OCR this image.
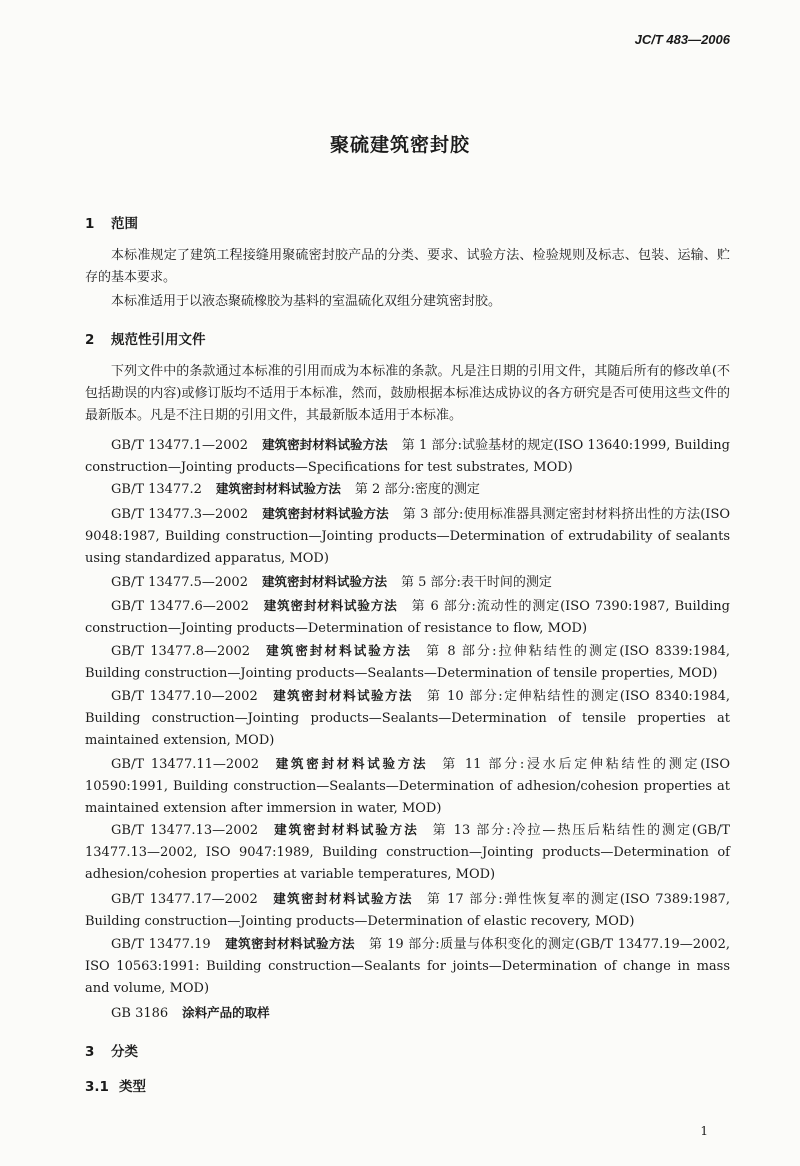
JC/T 483—2006
聚硫建筑密封胶
1 范围
本标准规定了建筑工程接缝用聚硫密封胶产品的分类、要求、试验方法、检验规则及标志、包装、运输、贮存的基本要求。
本标准适用于以液态聚硫橡胶为基料的室温硫化双组分建筑密封胶。
2 规范性引用文件
下列文件中的条款通过本标准的引用而成为本标准的条款。凡是注日期的引用文件，其随后所有的修改单(不包括勘误的内容)或修订版均不适用于本标准，然而，鼓励根据本标准达成协议的各方研究是否可使用这些文件的最新版本。凡是不注日期的引用文件，其最新版本适用于本标准。
GB/T 13477.1—2002 建筑密封材料试验方法 第 1 部分:试验基材的规定(ISO 13640:1999, Building construction—Jointing products—Specifications for test substrates, MOD)
GB/T 13477.2 建筑密封材料试验方法 第 2 部分:密度的测定
GB/T 13477.3—2002 建筑密封材料试验方法 第 3 部分:使用标准器具测定密封材料挤出性的方法(ISO 9048:1987, Building construction—Jointing products—Determination of extrudability of sealants using standardized apparatus, MOD)
GB/T 13477.5—2002 建筑密封材料试验方法 第 5 部分:表干时间的测定
GB/T 13477.6—2002 建筑密封材料试验方法 第 6 部分:流动性的测定(ISO 7390:1987, Building construction—Jointing products—Determination of resistance to flow, MOD)
GB/T 13477.8—2002 建筑密封材料试验方法 第 8 部分:拉伸粘结性的测定(ISO 8339:1984, Building construction—Jointing products—Sealants—Determination of tensile properties, MOD)
GB/T 13477.10—2002 建筑密封材料试验方法 第 10 部分:定伸粘结性的测定(ISO 8340:1984, Building construction—Jointing products—Sealants—Determination of tensile properties at maintained extension, MOD)
GB/T 13477.11—2002 建筑密封材料试验方法 第 11 部分:浸水后定伸粘结性的测定(ISO 10590:1991, Building construction—Sealants—Determination of adhesion/cohesion properties at maintained extension after immersion in water, MOD)
GB/T 13477.13—2002 建筑密封材料试验方法 第 13 部分:冷拉—热压后粘结性的测定(GB/T 13477.13—2002, ISO 9047:1989, Building construction—Jointing products—Determination of adhesion/cohesion properties at variable temperatures, MOD)
GB/T 13477.17—2002 建筑密封材料试验方法 第 17 部分:弹性恢复率的测定(ISO 7389:1987, Building construction—Jointing products—Determination of elastic recovery, MOD)
GB/T 13477.19 建筑密封材料试验方法 第 19 部分:质量与体积变化的测定(GB/T 13477.19—2002, ISO 10563:1991: Building construction—Sealants for joints—Determination of change in mass and volume, MOD)
GB 3186 涂料产品的取样
3 分类
3.1 类型
1
